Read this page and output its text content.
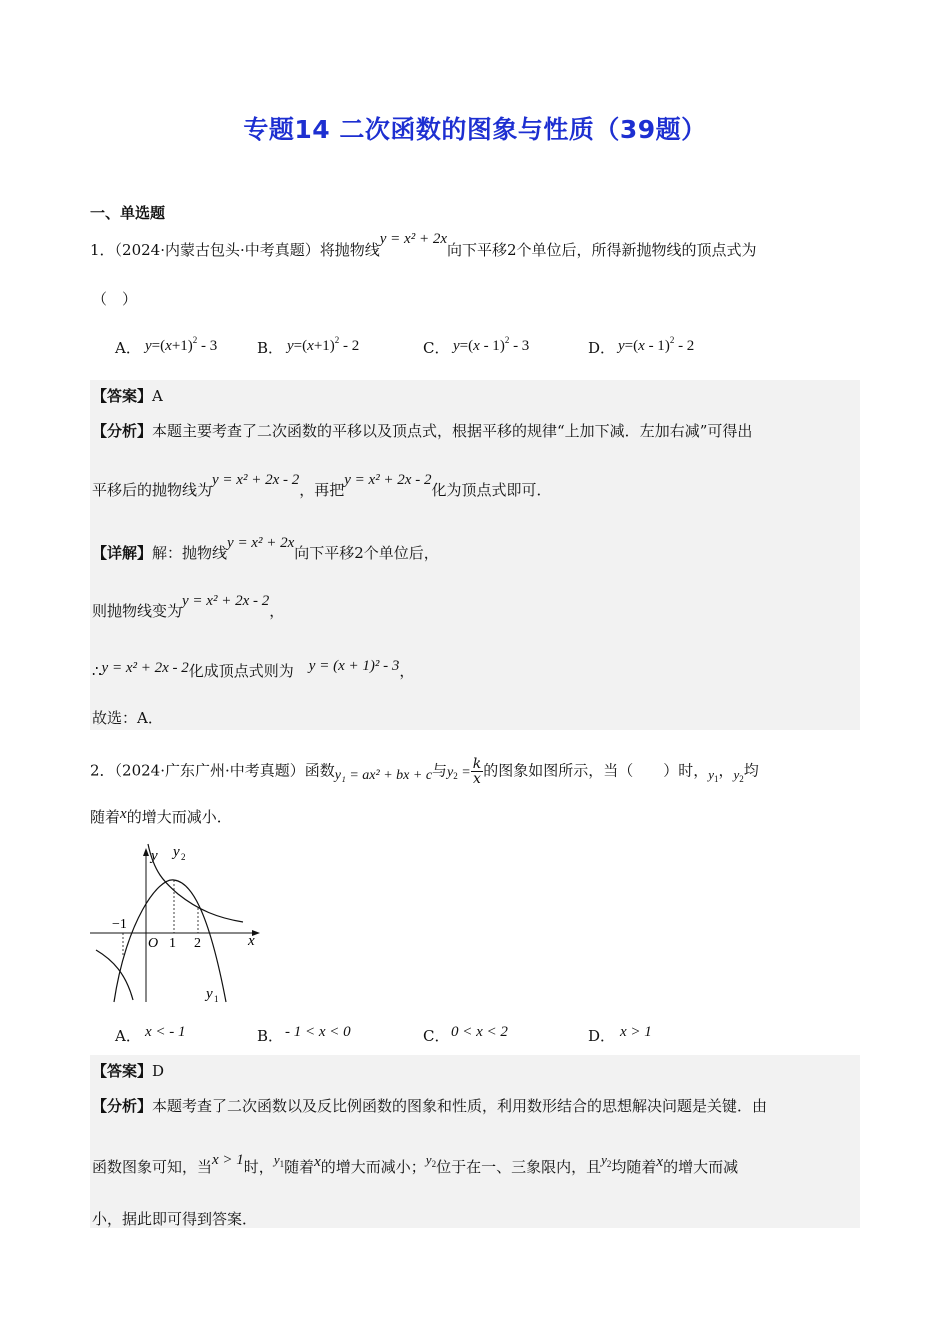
专题14 二次函数的图象与性质（39题）
一、单选题
1．（2024·内蒙古包头·中考真题）将抛物线y = x² + 2x向下平移2个单位后，所得新抛物线的顶点式为
（　）
A． $y=(x+1)^2 - 3$	B． $y=(x+1)^2 - 2$	C． y=(x - 1)$^2$ - 3	D． y=(x - 1)$^2$ - 2
【答案】A
【分析】本题主要考查了二次函数的平移以及顶点式，根据平移的规律“上加下减．左加右减”可得出
平移后的抛物线为y = x² + 2x - 2，再把y = x² + 2x - 2化为顶点式即可．
【详解】解：抛物线y = x² + 2x向下平移2个单位后，
则抛物线变为y = x² + 2x - 2，
∴y = x² + 2x - 2化成顶点式则为　 y = (x + 1)² - 3，
故选：A．
2．（2024·广东广州·中考真题）函数y₁ = ax² + bx + c与$y_2 = \frac{k}{x}$ 的图象如图所示，当（　　）时，$y_1$，$y_2$均
随着x的增大而减小．
y y 2
x
O
−1
1 2
y 1
A． x < - 1	B． - 1 < x < 0	C． 0 < x < 2	D． x > 1
【答案】D
【分析】本题考查了二次函数以及反比例函数的图象和性质，利用数形结合的思想解决问题是关键．由
函数图象可知，当x > 1时，$y_1$随着x的增大而减小；$y_2$位于在一、三象限内，且$y_2$均随着x的增大而减
小，据此即可得到答案．
